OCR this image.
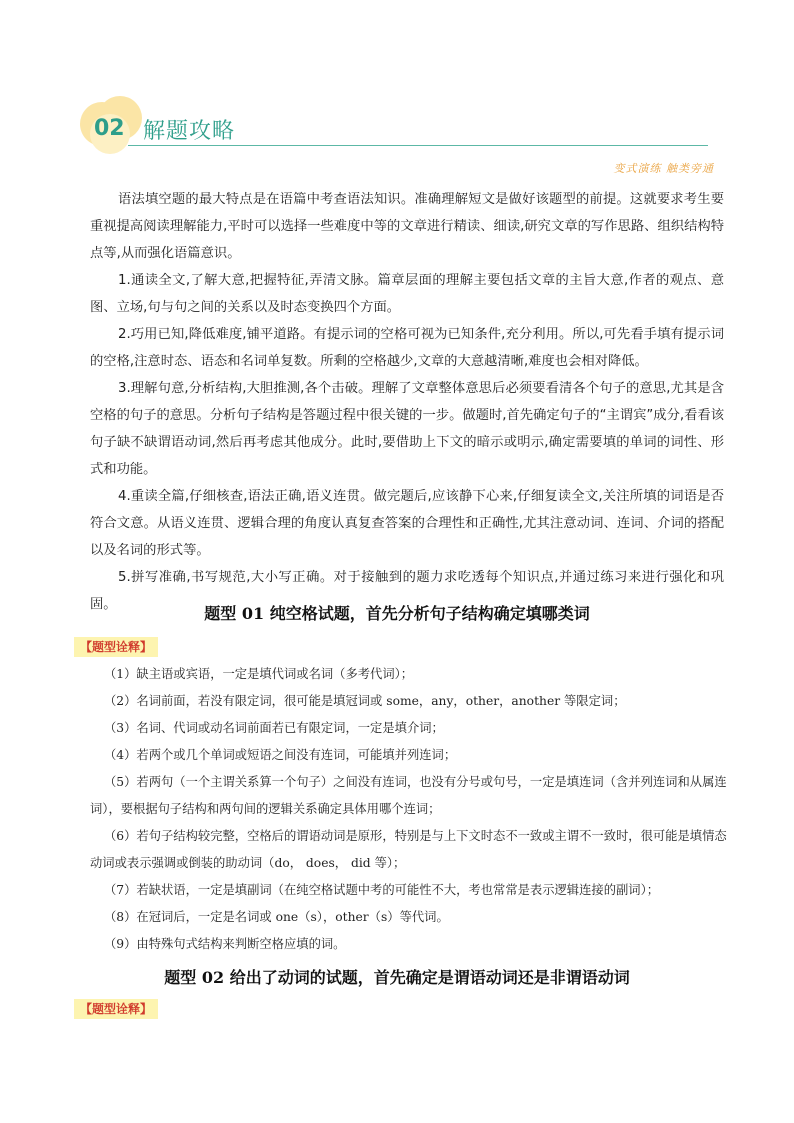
02 解题攻略
变式演练 触类旁通
语法填空题的最大特点是在语篇中考查语法知识。准确理解短文是做好该题型的前提。这就要求考生要重视提高阅读理解能力,平时可以选择一些难度中等的文章进行精读、细读,研究文章的写作思路、组织结构特点等,从而强化语篇意识。
1.通读全文,了解大意,把握特征,弄清文脉。篇章层面的理解主要包括文章的主旨大意,作者的观点、意图、立场,句与句之间的关系以及时态变换四个方面。
2.巧用已知,降低难度,铺平道路。有提示词的空格可视为已知条件,充分利用。所以,可先看手填有提示词的空格,注意时态、语态和名词单复数。所剩的空格越少,文章的大意越清晰,难度也会相对降低。
3.理解句意,分析结构,大胆推测,各个击破。理解了文章整体意思后必须要看清各个句子的意思,尤其是含空格的句子的意思。分析句子结构是答题过程中很关键的一步。做题时,首先确定句子的“主谓宾”成分,看看该句子缺不缺谓语动词,然后再考虑其他成分。此时,要借助上下文的暗示或明示,确定需要填的单词的词性、形式和功能。
4.重读全篇,仔细核查,语法正确,语义连贯。做完题后,应该静下心来,仔细复读全文,关注所填的词语是否符合文意。从语义连贯、逻辑合理的角度认真复查答案的合理性和正确性,尤其注意动词、连词、介词的搭配以及名词的形式等。
5.拼写准确,书写规范,大小写正确。对于接触到的题力求吃透每个知识点,并通过练习来进行强化和巩固。	题型 01 纯空格试题，首先分析句子结构确定填哪类词
【题型诠释】
（1）缺主语或宾语，一定是填代词或名词（多考代词）；
（2）名词前面，若没有限定词，很可能是填冠词或 some，any，other，another 等限定词；
（3）名词、代词或动名词前面若已有限定词，一定是填介词；
（4）若两个或几个单词或短语之间没有连词，可能填并列连词；
（5）若两句（一个主谓关系算一个句子）之间没有连词，也没有分号或句号，一定是填连词（含并列连词和从属连词），要根据句子结构和两句间的逻辑关系确定具体用哪个连词；
（6）若句子结构较完整，空格后的谓语动词是原形，特别是与上下文时态不一致或主谓不一致时，很可能是填情态动词或表示强调或倒装的助动词（do， does， did 等）；
（7）若缺状语，一定是填副词（在纯空格试题中考的可能性不大，考也常常是表示逻辑连接的副词）；
（8）在冠词后，一定是名词或 one（s），other（s）等代词。
（9）由特殊句式结构来判断空格应填的词。
题型 02 给出了动词的试题，首先确定是谓语动词还是非谓语动词
【题型诠释】
